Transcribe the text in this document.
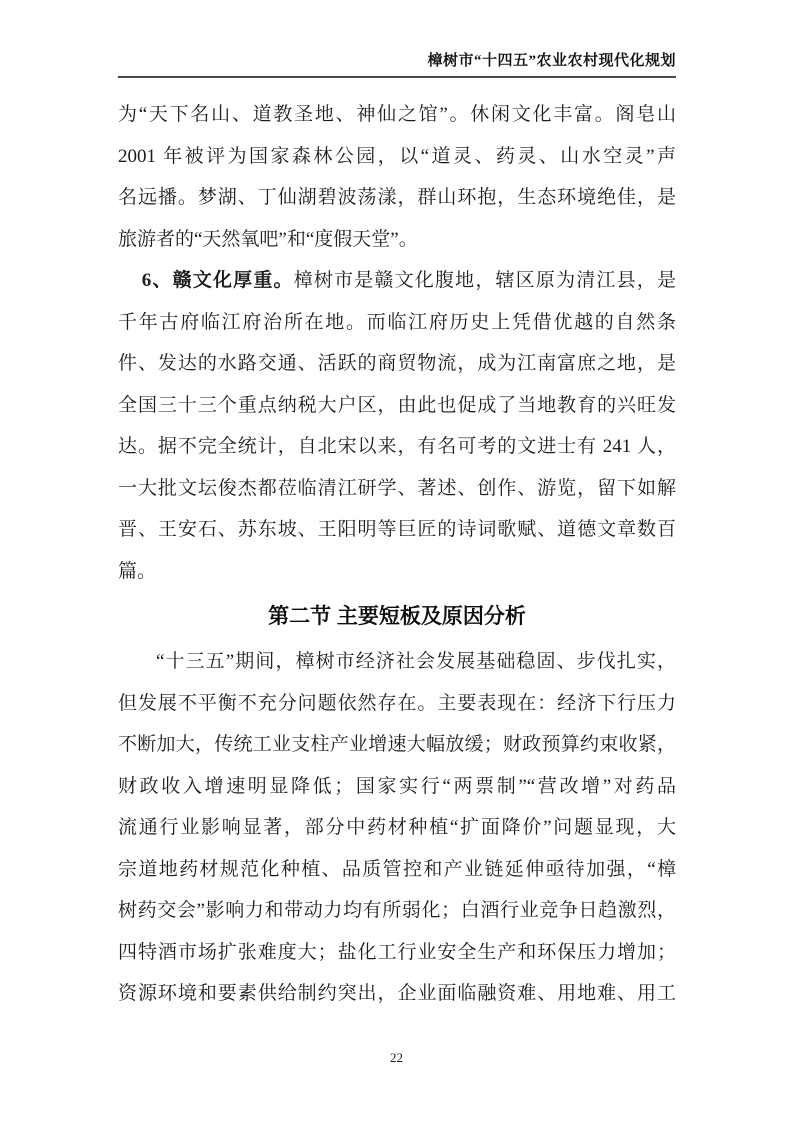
樟树市“十四五”农业农村现代化规划
为“天下名山、道教圣地、神仙之馆”。休闲文化丰富。阁皂山
2001 年被评为国家森林公园，以“道灵、药灵、山水空灵”声
名远播。梦湖、丁仙湖碧波荡漾，群山环抱，生态环境绝佳，是
旅游者的“天然氧吧”和“度假天堂”。
6、赣文化厚重。樟树市是赣文化腹地，辖区原为清江县，是
千年古府临江府治所在地。而临江府历史上凭借优越的自然条
件、发达的水路交通、活跃的商贸物流，成为江南富庶之地，是
全国三十三个重点纳税大户区，由此也促成了当地教育的兴旺发
达。据不完全统计，自北宋以来，有名可考的文进士有 241 人，
一大批文坛俊杰都莅临清江研学、著述、创作、游览，留下如解
晋、王安石、苏东坡、王阳明等巨匠的诗词歌赋、道德文章数百
篇。
第二节 主要短板及原因分析
“十三五”期间，樟树市经济社会发展基础稳固、步伐扎实，
但发展不平衡不充分问题依然存在。主要表现在：经济下行压力
不断加大，传统工业支柱产业增速大幅放缓；财政预算约束收紧，
财政收入增速明显降低；国家实行“两票制”“营改增”对药品
流通行业影响显著，部分中药材种植“扩面降价”问题显现，大
宗道地药材规范化种植、品质管控和产业链延伸亟待加强，“樟
树药交会”影响力和带动力均有所弱化；白酒行业竞争日趋激烈，
四特酒市场扩张难度大；盐化工行业安全生产和环保压力增加；
资源环境和要素供给制约突出，企业面临融资难、用地难、用工
22
